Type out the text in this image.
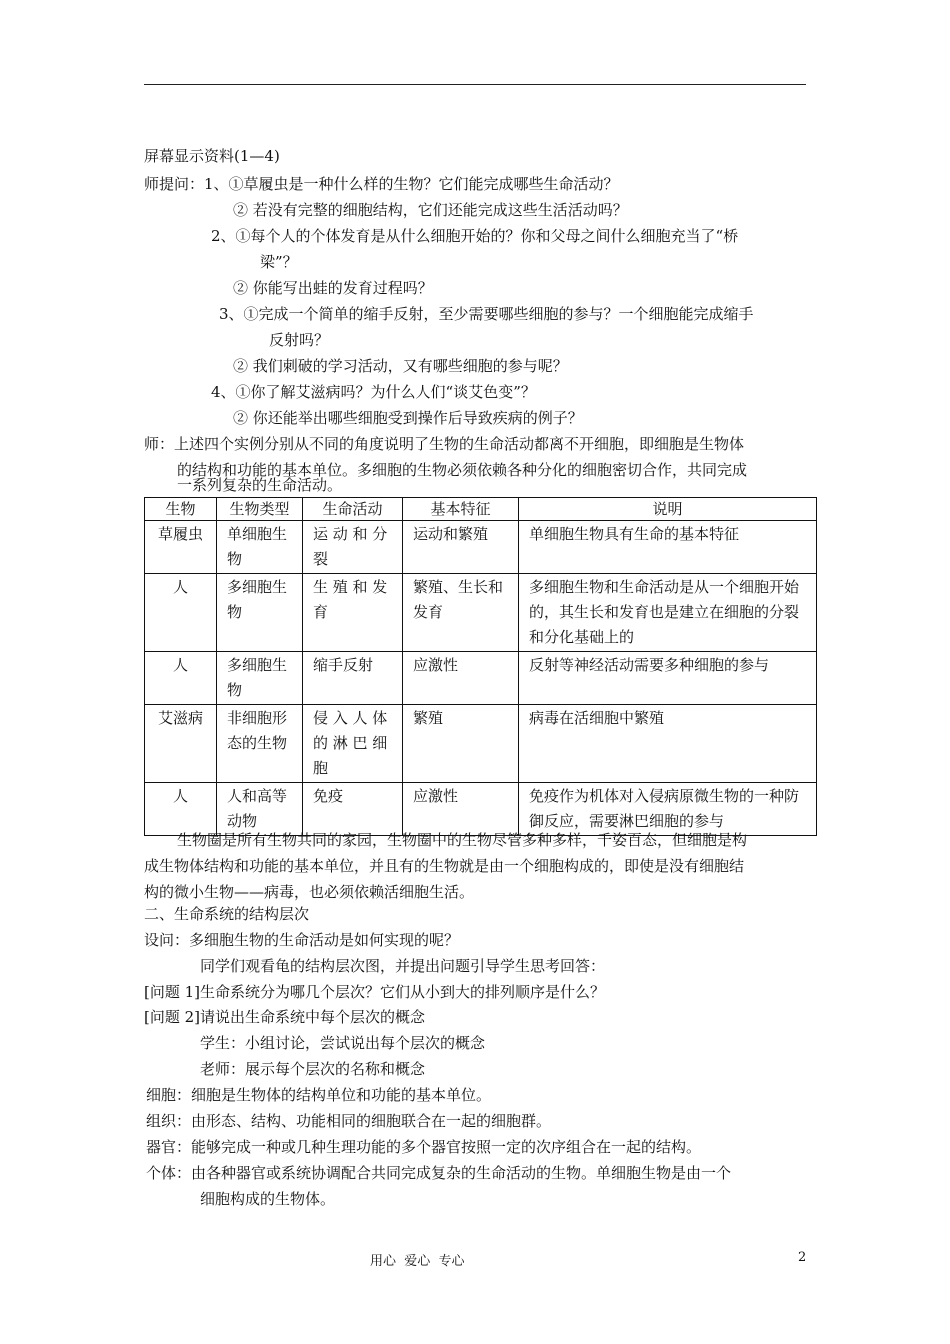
屏幕显示资料(1—4)
师提问：1、①草履虫是一种什么样的生物？它们能完成哪些生命活动？
② 若没有完整的细胞结构，它们还能完成这些生活活动吗？
2、①每个人的个体发育是从什么细胞开始的？你和父母之间什么细胞充当了“桥
梁”？
② 你能写出蛙的发育过程吗？
3、①完成一个简单的缩手反射，至少需要哪些细胞的参与？一个细胞能完成缩手
反射吗？
② 我们刺破的学习活动，又有哪些细胞的参与呢？
4、①你了解艾滋病吗？为什么人们“谈艾色变”？
② 你还能举出哪些细胞受到操作后导致疾病的例子？
师：上述四个实例分别从不同的角度说明了生物的生命活动都离不开细胞，即细胞是生物体
的结构和功能的基本单位。多细胞的生物必须依赖各种分化的细胞密切合作，共同完成
一系列复杂的生命活动。
生物	生物类型	生命活动	基本特征	说明
草履虫	单细胞生物	运 动 和 分裂	运动和繁殖	单细胞生物具有生命的基本特征
人	多细胞生物	生 殖 和 发育	繁殖、生长和发育	多细胞生物和生命活动是从一个细胞开始的，其生长和发育也是建立在细胞的分裂和分化基础上的
人	多细胞生物	缩手反射	应激性	反射等神经活动需要多种细胞的参与
艾滋病	非细胞形态的生物	侵 入 人 体的 淋 巴 细胞	繁殖	病毒在活细胞中繁殖
人	人和高等动物	免疫	应激性	免疫作为机体对入侵病原微生物的一种防御反应，需要淋巴细胞的参与
生物圈是所有生物共同的家园，生物圈中的生物尽管多种多样，千姿百态，但细胞是构
成生物体结构和功能的基本单位，并且有的生物就是由一个细胞构成的，即使是没有细胞结
构的微小生物——病毒，也必须依赖活细胞生活。
二、生命系统的结构层次
设问：多细胞生物的生命活动是如何实现的呢？
同学们观看龟的结构层次图，并提出问题引导学生思考回答：
[问题 1]生命系统分为哪几个层次？它们从小到大的排列顺序是什么？
[问题 2]请说出生命系统中每个层次的概念
学生：小组讨论，尝试说出每个层次的概念
老师：展示每个层次的名称和概念
细胞：细胞是生物体的结构单位和功能的基本单位。
组织：由形态、结构、功能相同的细胞联合在一起的细胞群。
器官：能够完成一种或几种生理功能的多个器官按照一定的次序组合在一起的结构。
个体：由各种器官或系统协调配合共同完成复杂的生命活动的生物。单细胞生物是由一个
细胞构成的生物体。
用心  爱心  专心	2
